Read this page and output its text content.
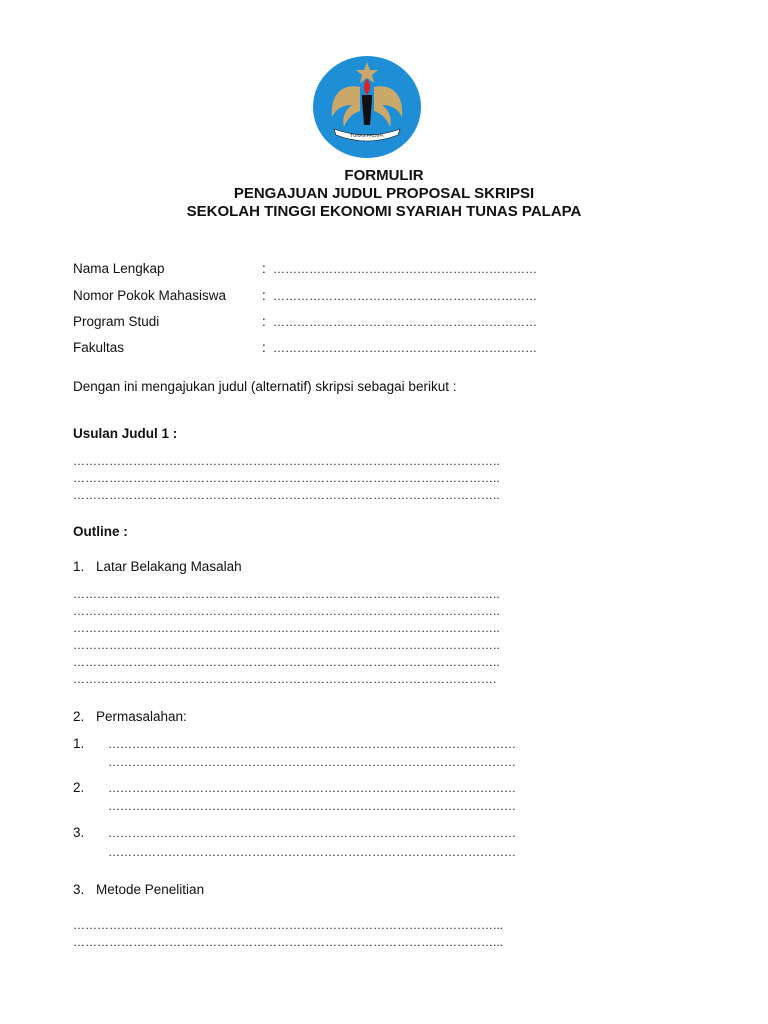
TUNAS PALAPA
FORMULIR
PENGAJUAN JUDUL PROPOSAL SKRIPSI
SEKOLAH TINGGI EKONOMI SYARIAH TUNAS PALAPA
Nama Lengkap	: …………………………………………………………
Nomor Pokok Mahasiswa	: …………………………………………………………
Program Studi	: …………………………………………………………
Fakultas	: …………………………………………………………
Dengan ini mengajukan judul (alternatif) skripsi sebagai berikut :
Usulan Judul 1 :
……………………………………………………………………………………………..
……………………………………………………………………………………………..
……………………………………………………………………………………………..
Outline :
1. Latar Belakang Masalah
……………………………………………………………………………………………..
……………………………………………………………………………………………..
……………………………………………………………………………………………..
……………………………………………………………………………………………..
……………………………………………………………………………………………..
…………………………………………………………………………………………….
2. Permasalahan:
1. …………………………………………………………………………………………
…………………………………………………………………………………………
2. …………………………………………………………………………………………
…………………………………………………………………………………………
3. …………………………………………………………………………………………
…………………………………………………………………………………………
3. Metode Penelitian
……………………………………………………………………………………………...
……………………………………………………………………………………………...
